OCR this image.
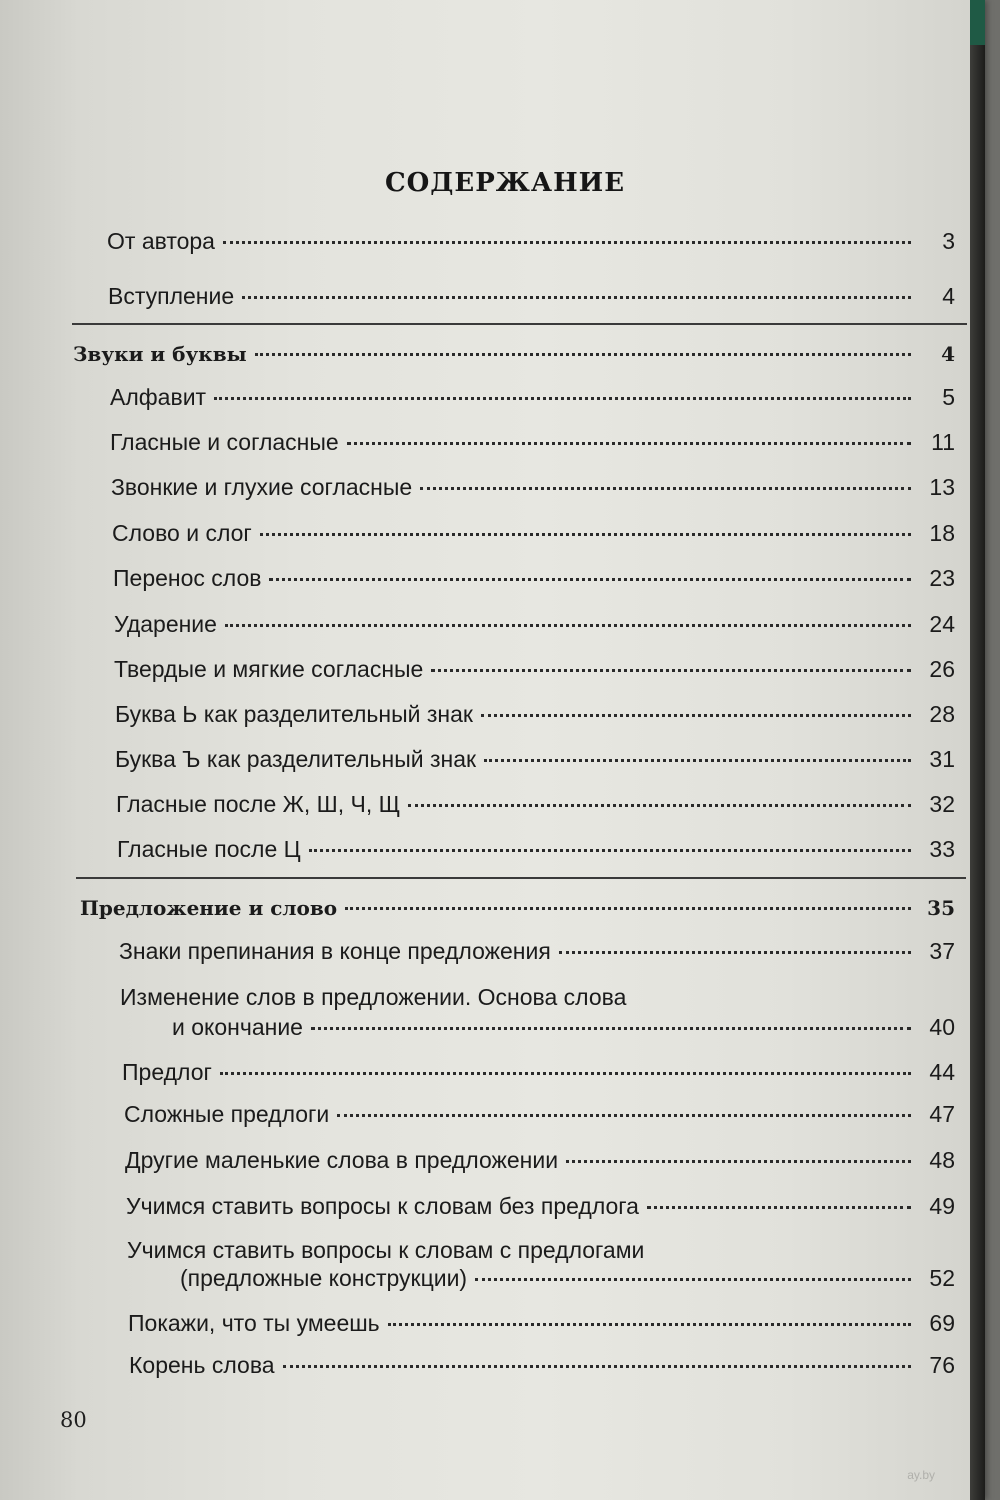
СОДЕРЖАНИЕ
От автора	3
Вступление	4
Звуки и буквы	4
Алфавит	5
Гласные и согласные	11
Звонкие и глухие согласные	13
Слово и слог	18
Перенос слов	23
Ударение	24
Твердые и мягкие согласные	26
Буква Ь как разделительный знак	28
Буква Ъ как разделительный знак	31
Гласные после Ж, Ш, Ч, Щ	32
Гласные после Ц	33
Предложение и слово	35
Знаки препинания в конце предложения	37
Изменение слов в предложении. Основа слова
и окончание	40
Предлог	44
Сложные предлоги	47
Другие маленькие слова в предложении	48
Учимся ставить вопросы к словам без предлога	49
Учимся ставить вопросы к словам с предлогами
(предложные конструкции)	52
Покажи, что ты умеешь	69
Корень слова	76
80
ay.by
